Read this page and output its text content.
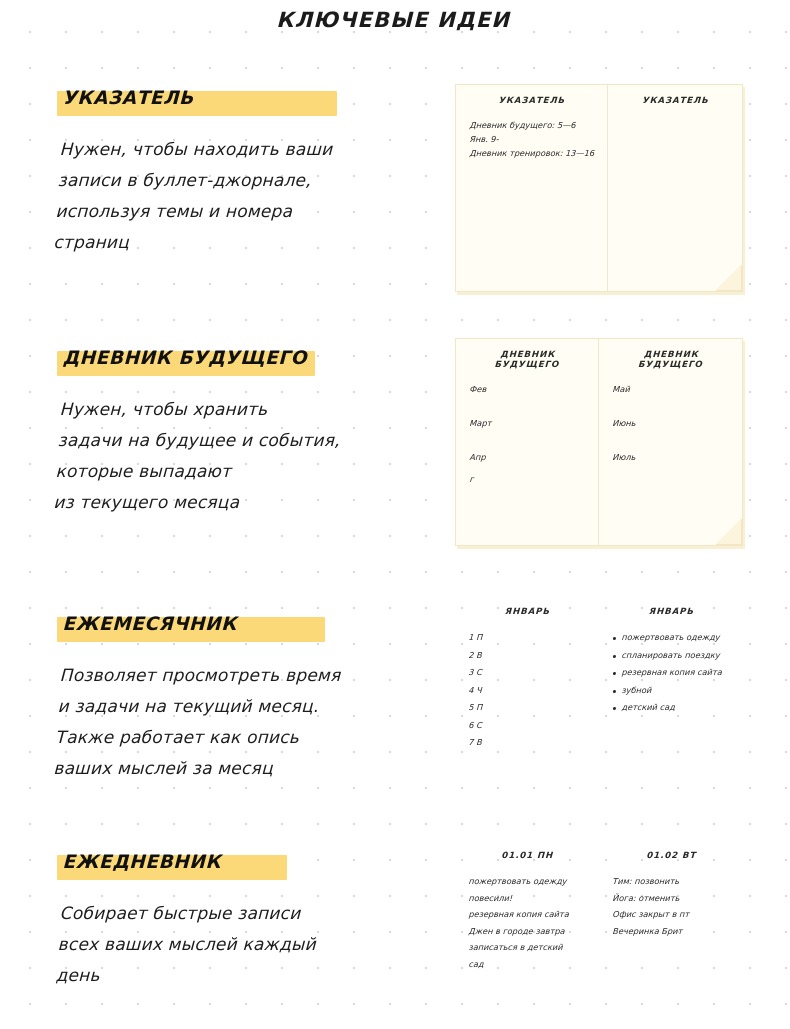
КЛЮЧЕВЫЕ ИДЕИ
УКАЗАТЕЛЬ
Нужен, чтобы находить ваши
записи в буллет-джорнале,
используя темы и номера
страниц
УКАЗАТЕЛЬ
Дневник будущего: 5—6
Янв. 9-
Дневник тренировок: 13—16
УКАЗАТЕЛЬ
ДНЕВНИК БУДУЩЕГО
Нужен, чтобы хранить
задачи на будущее и события,
которые выпадают
из текущего месяца
ДНЕВНИК БУДУЩЕГО
Фев
Март
Апр
г
ДНЕВНИК БУДУЩЕГО
Май
Июнь
Июль
ЕЖЕМЕСЯЧНИК
Позволяет просмотреть время
и задачи на текущий месяц.
Также работает как опись
ваших мыслей за месяц
ЯНВАРЬ
1 П
2 В
3 С
4 Ч
5 П
6 С
7 В
ЯНВАРЬ
пожертвовать одежду
спланировать поездку
резервная копия сайта
зубной
детский сад
ЕЖЕДНЕВНИК
Собирает быстрые записи
всех ваших мыслей каждый
день
01.01 ПН
пожертвовать одежду
повесили!
резервная копия сайта
Джен в городе завтра
записаться в детский
сад
01.02 ВТ
Тим: позвонить
Йога: отменить
Офис закрыт в пт
Вечеринка Брит
